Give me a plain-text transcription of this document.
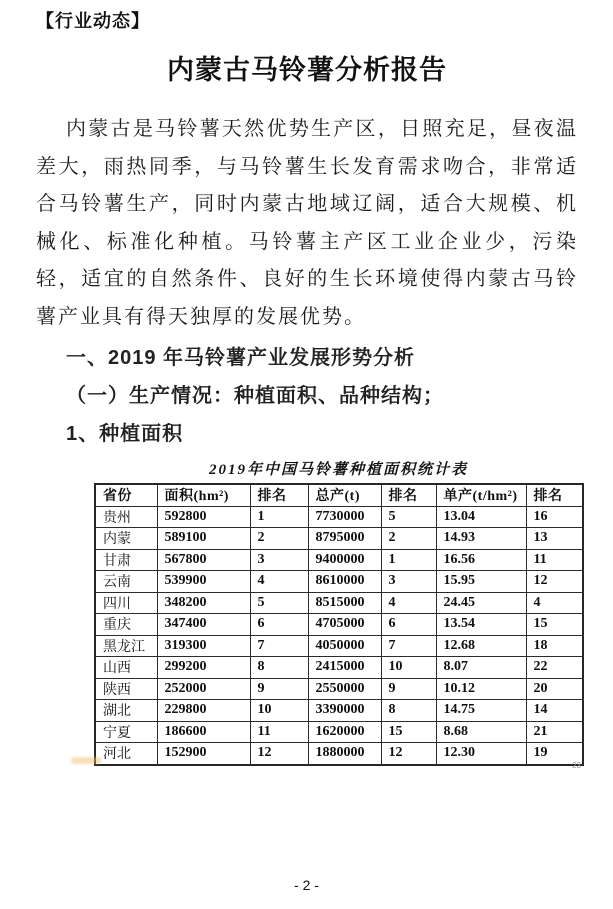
【行业动态】
内蒙古马铃薯分析报告

内蒙古是马铃薯天然优势生产区，日照充足，昼夜温差大，雨热同季，与马铃薯生长发育需求吻合，非常适合马铃薯生产，同时内蒙古地域辽阔，适合大规模、机械化、标准化种植。马铃薯主产区工业企业少，污染轻，适宜的自然条件、良好的生长环境使得内蒙古马铃薯产业具有得天独厚的发展优势。

一、2019 年马铃薯产业发展形势分析

（一）生产情况：种植面积、品种结构；

1、种植面积

2019年中国马铃薯种植面积统计表
省份	面积(hm²)	排名	总产(t)	排名	单产(t/hm²)	排名
贵州	592800	1	7730000	5	13.04	16
内蒙	589100	2	8795000	2	14.93	13
甘肃	567800	3	9400000	1	16.56	11
云南	539900	4	8610000	3	15.95	12
四川	348200	5	8515000	4	24.45	4
重庆	347400	6	4705000	6	13.54	15
黑龙江	319300	7	4050000	7	12.68	18
山西	299200	8	2415000	10	8.07	22
陕西	252000	9	2550000	9	10.12	20
湖北	229800	10	3390000	8	14.75	14
宁夏	186600	11	1620000	15	8.68	21
河北	152900	12	1880000	12	12.30	19
23
- 2 -
